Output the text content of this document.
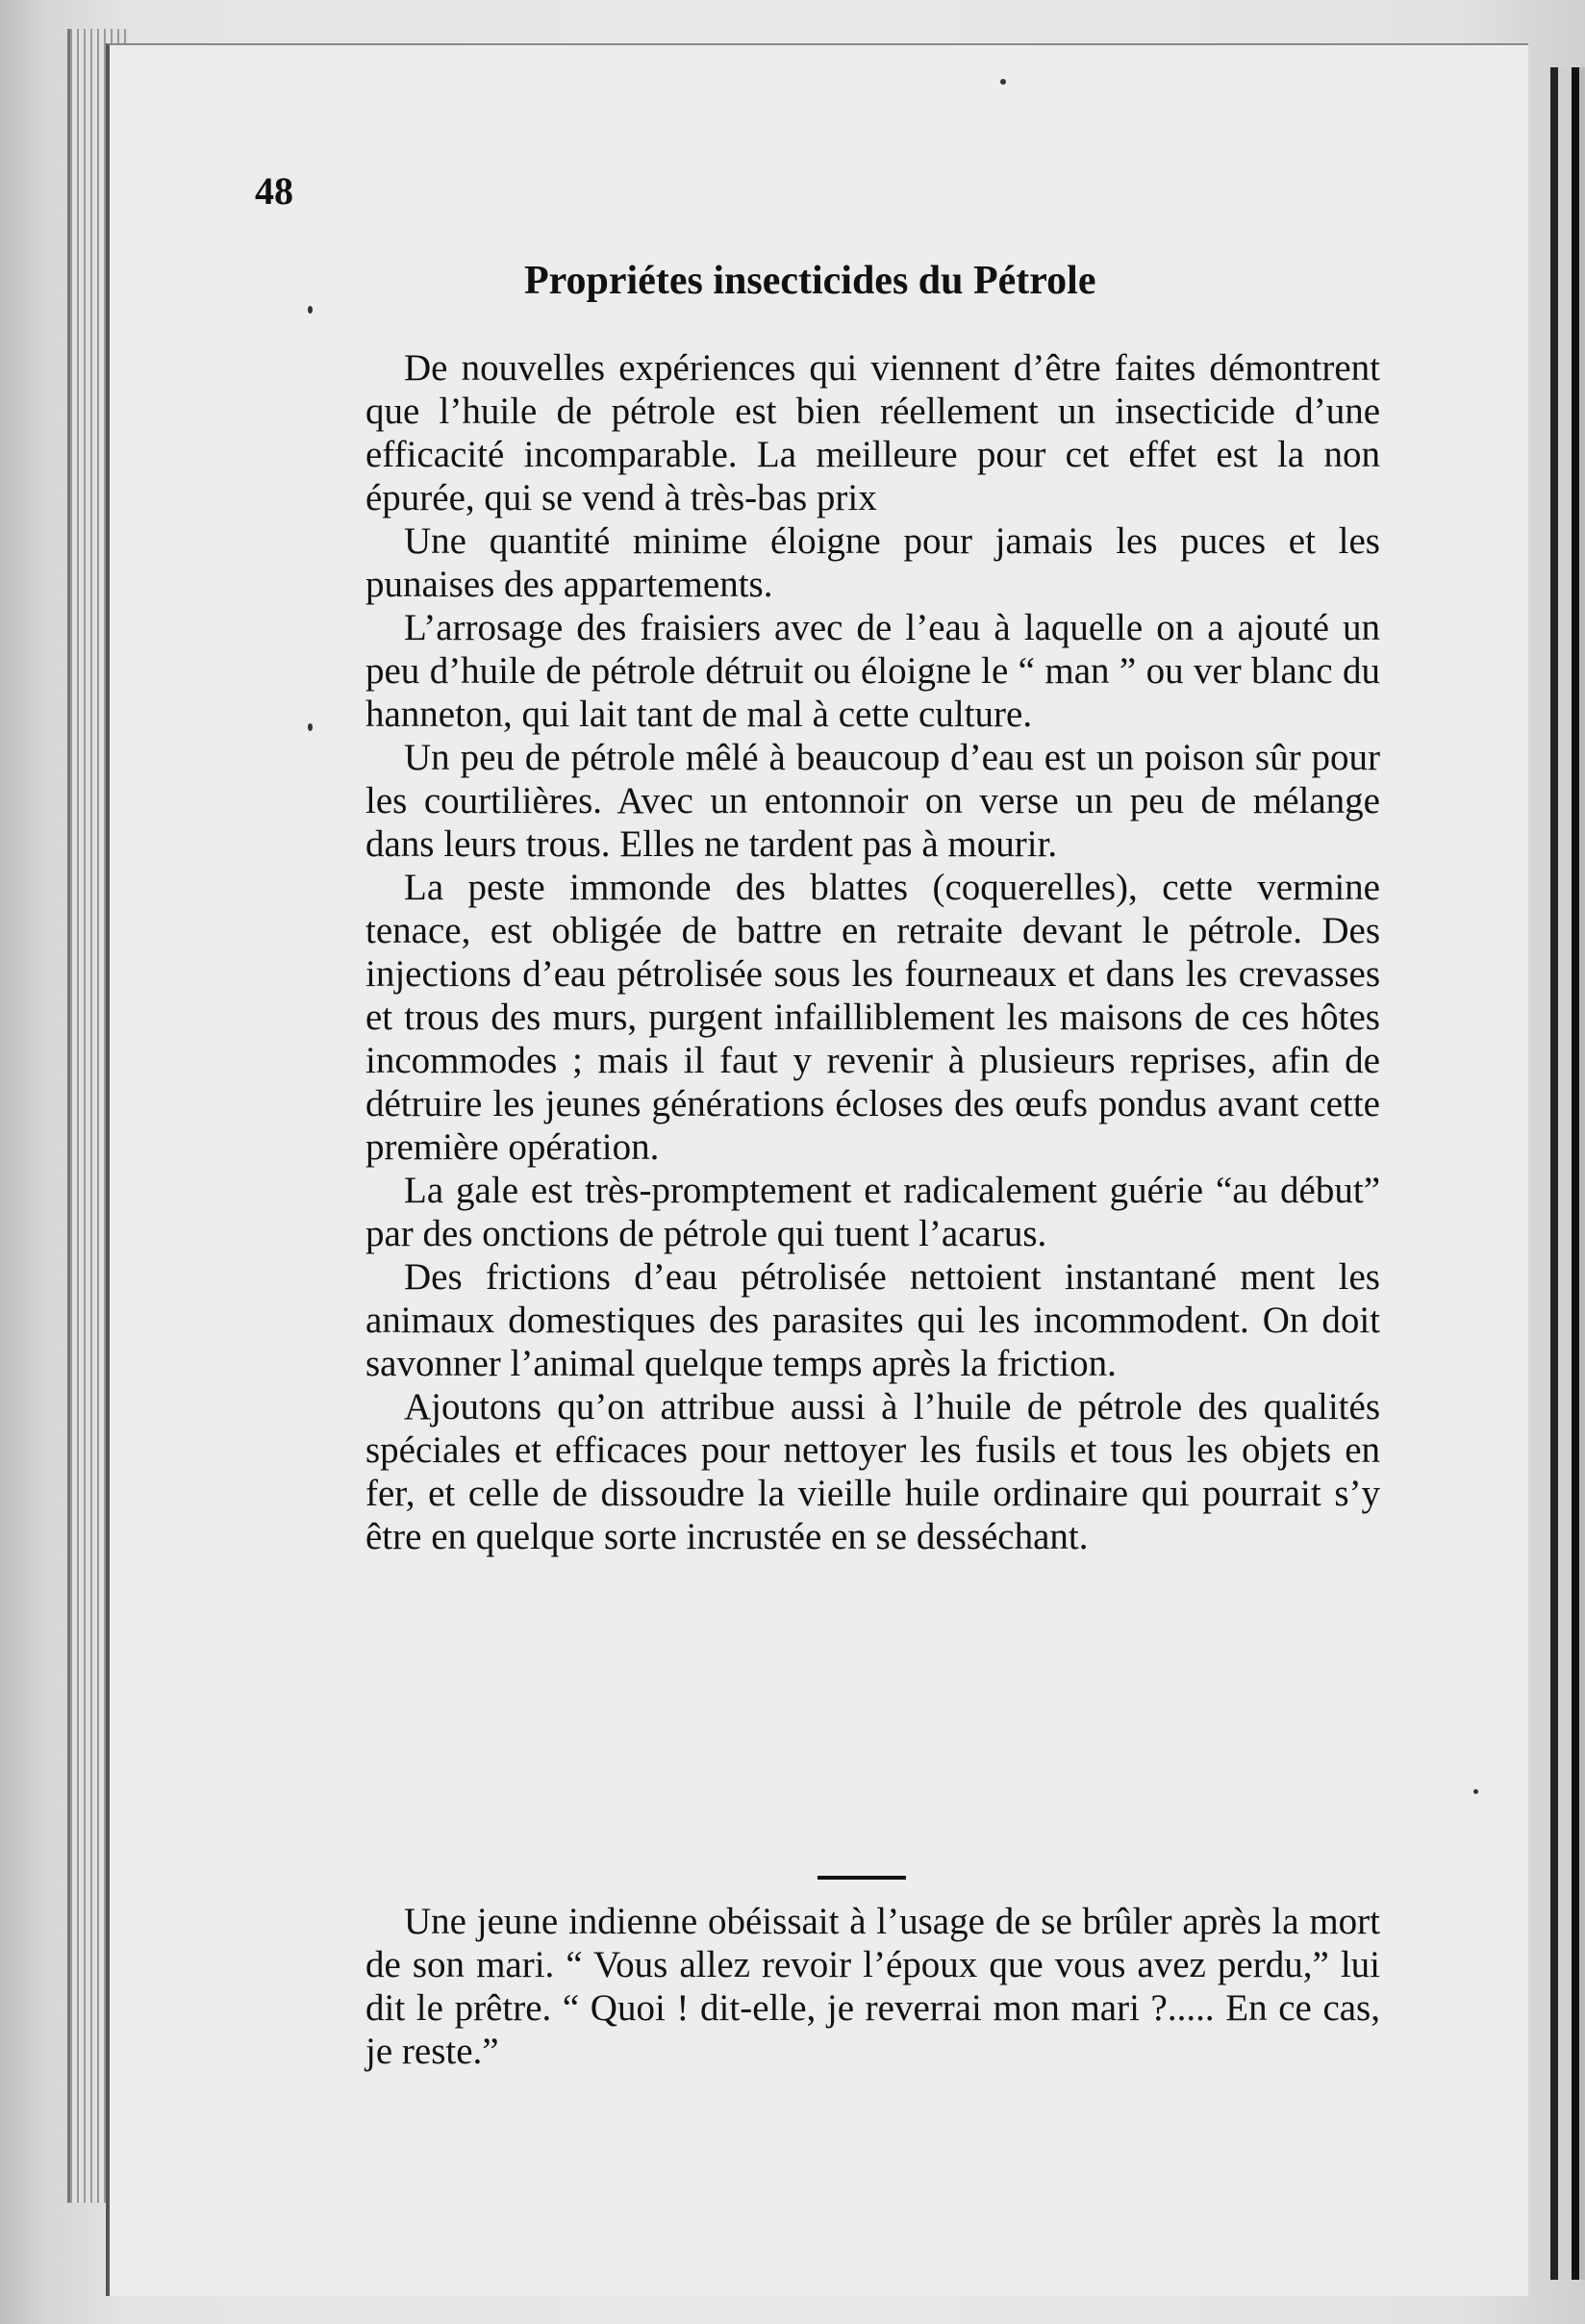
48
Propriétes insecticides du Pétrole

De nouvelles expériences qui viennent d’être faites démontrent que l’huile de pétrole est bien réellement un insecticide d’une efficacité incomparable. La meilleure pour cet effet est la non épurée, qui se vend à très-bas prix

Une quantité minime éloigne pour jamais les puces et les punaises des appartements.

L’arrosage des fraisiers avec de l’eau à laquelle on a ajouté un peu d’huile de pétrole détruit ou éloigne le “ man ” ou ver blanc du hanneton, qui lait tant de mal à cette culture.

Un peu de pétrole mêlé à beaucoup d’eau est un poison sûr pour les courtilières. Avec un entonnoir on verse un peu de mélange dans leurs trous. Elles ne tardent pas à mourir.

La peste immonde des blattes (coquerelles), cette vermine tenace, est obligée de battre en retraite devant le pétrole. Des injections d’eau pétrolisée sous les fourneaux et dans les crevasses et trous des murs, purgent infailliblement les maisons de ces hôtes incommodes ; mais il faut y revenir à plusieurs reprises, afin de détruire les jeunes générations écloses des œufs pondus avant cette première opération.

La gale est très-promptement et radicalement guérie “au début” par des onctions de pétrole qui tuent l’acarus.

Des frictions d’eau pétrolisée nettoient instantané ment les animaux domestiques des parasites qui les incommodent. On doit savonner l’animal quelque temps après la friction.

Ajoutons qu’on attribue aussi à l’huile de pétrole des qualités spéciales et efficaces pour nettoyer les fusils et tous les objets en fer, et celle de dissoudre la vieille huile ordinaire qui pourrait s’y être en quelque sorte incrustée en se desséchant.

Une jeune indienne obéissait à l’usage de se brûler après la mort de son mari. “ Vous allez revoir l’époux que vous avez perdu,” lui dit le prêtre. “ Quoi ! dit-elle, je reverrai mon mari ?..... En ce cas, je reste.”
